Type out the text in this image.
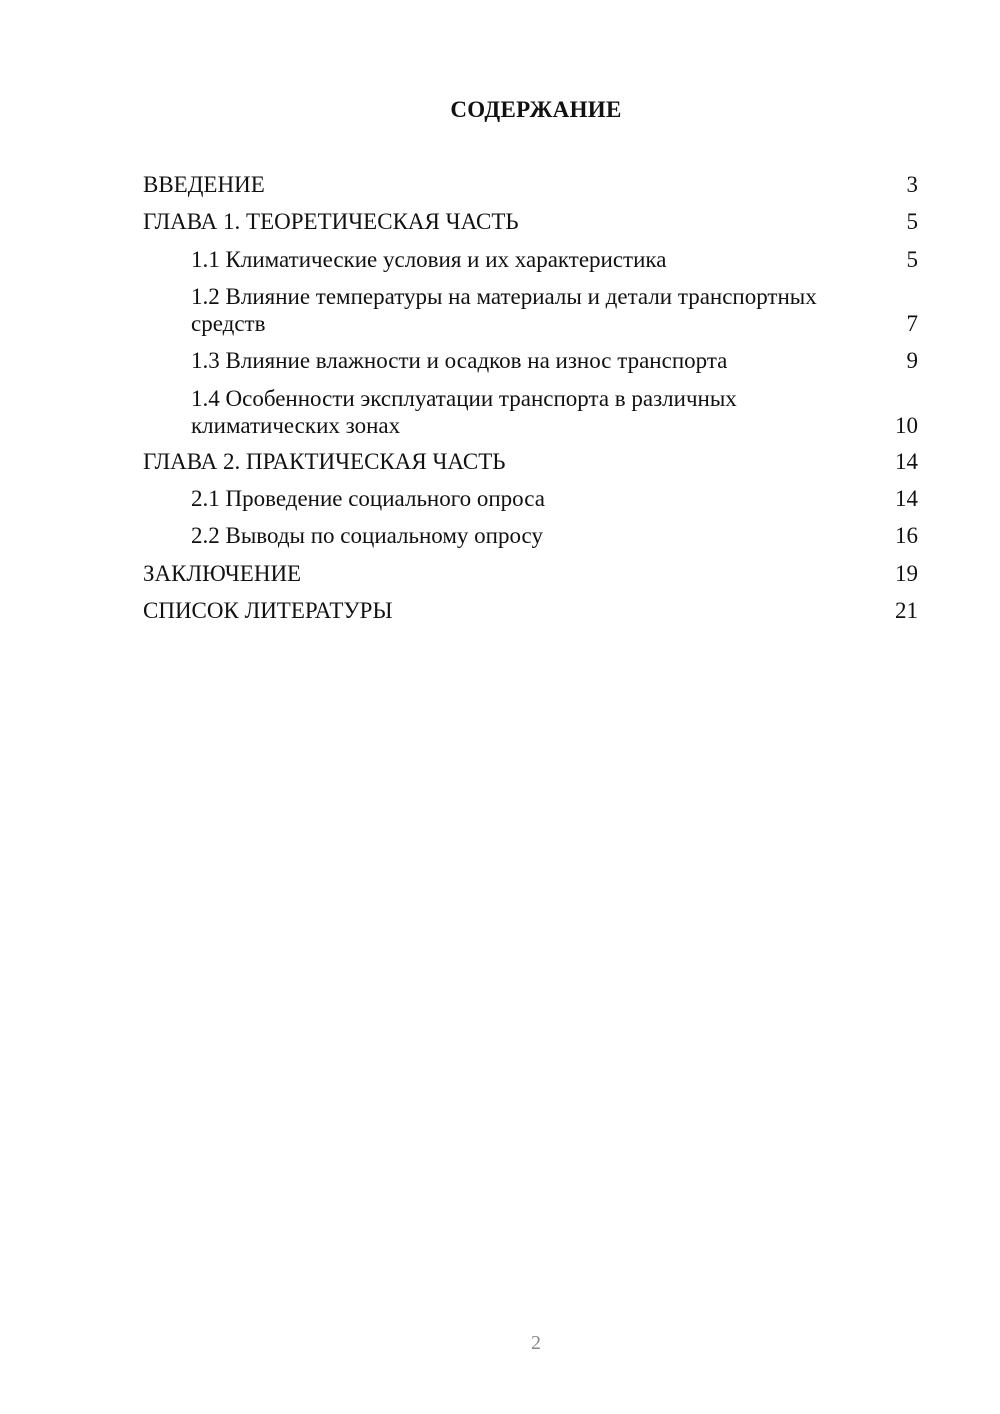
СОДЕРЖАНИЕ
ВВЕДЕНИЕ	3
ГЛАВА 1. ТЕОРЕТИЧЕСКАЯ ЧАСТЬ	5
1.1 Климатические условия и их характеристика	5
1.2 Влияние температуры на материалы и детали транспортных средств	7
1.3 Влияние влажности и осадков на износ транспорта	9
1.4 Особенности эксплуатации транспорта в различных климатических зонах	10
ГЛАВА 2. ПРАКТИЧЕСКАЯ ЧАСТЬ	14
2.1 Проведение социального опроса	14
2.2 Выводы по социальному опросу	16
ЗАКЛЮЧЕНИЕ	19
СПИСОК ЛИТЕРАТУРЫ	21
2
